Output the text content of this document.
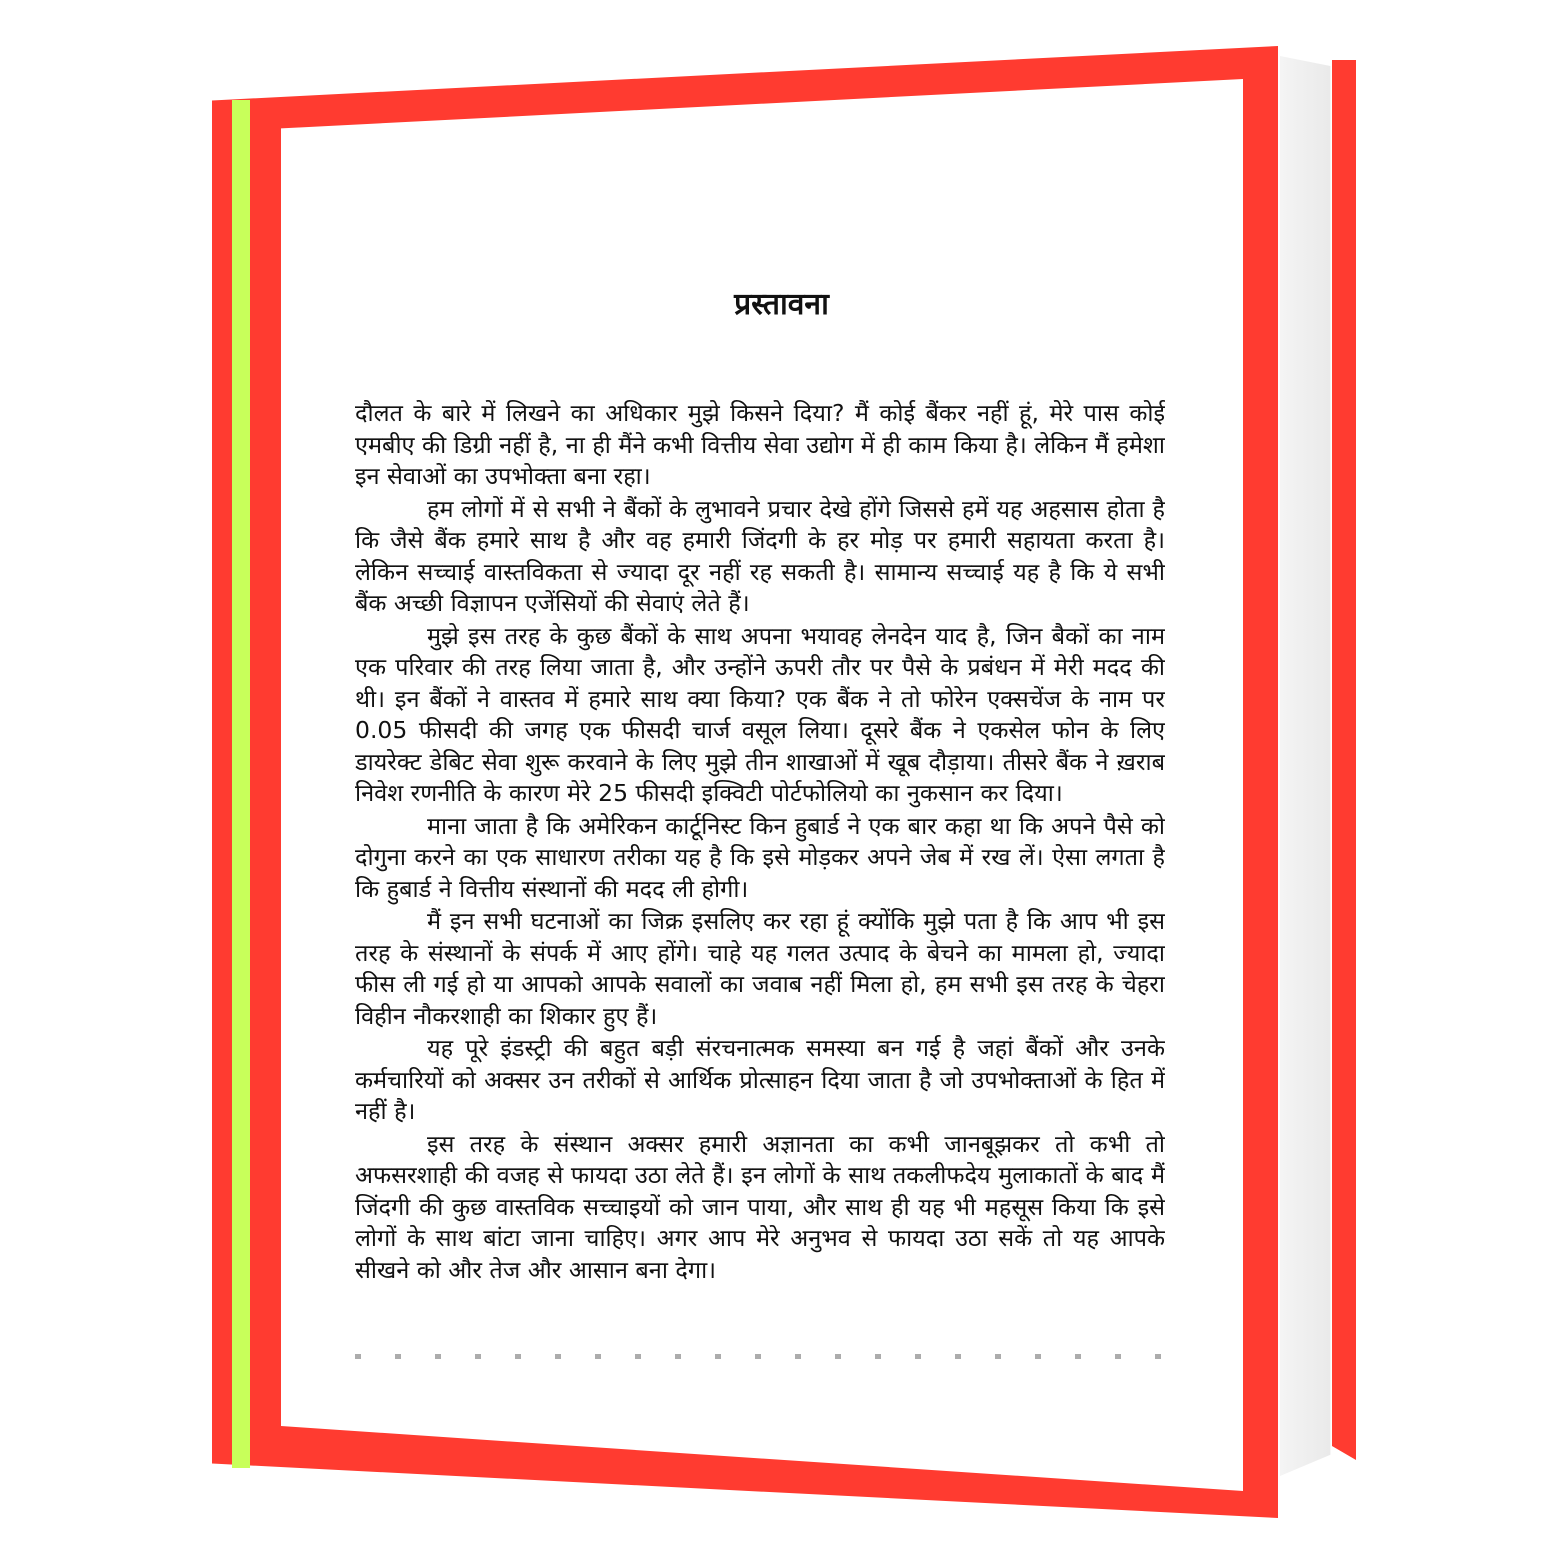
प्रस्तावना

दौलत के बारे में लिखने का अधिकार मुझे किसने दिया? मैं कोई बैंकर नहीं हूं, मेरे पास कोई एमबीए की डिग्री नहीं है, ना ही मैंने कभी वित्तीय सेवा उद्योग में ही काम किया है। लेकिन मैं हमेशा इन सेवाओं का उपभोक्ता बना रहा।

हम लोगों में से सभी ने बैंकों के लुभावने प्रचार देखे होंगे जिससे हमें यह अहसास होता है कि जैसे बैंक हमारे साथ है और वह हमारी जिंदगी के हर मोड़ पर हमारी सहायता करता है। लेकिन सच्चाई वास्तविकता से ज्यादा दूर नहीं रह सकती है। सामान्य सच्चाई यह है कि ये सभी बैंक अच्छी विज्ञापन एजेंसियों की सेवाएं लेते हैं।

मुझे इस तरह के कुछ बैंकों के साथ अपना भयावह लेनदेन याद है, जिन बैकों का नाम एक परिवार की तरह लिया जाता है, और उन्होंने ऊपरी तौर पर पैसे के प्रबंधन में मेरी मदद की थी। इन बैंकों ने वास्तव में हमारे साथ क्या किया? एक बैंक ने तो फोरेन एक्सचेंज के नाम पर 0.05 फीसदी की जगह एक फीसदी चार्ज वसूल लिया। दूसरे बैंक ने एकसेल फोन के लिए डायरेक्ट डेबिट सेवा शुरू करवाने के लिए मुझे तीन शाखाओं में खूब दौड़ाया। तीसरे बैंक ने ख़राब निवेश रणनीति के कारण मेरे 25 फीसदी इक्विटी पोर्टफोलियो का नुकसान कर दिया।

माना जाता है कि अमेरिकन कार्टूनिस्ट किन हुबार्ड ने एक बार कहा था कि अपने पैसे को दोगुना करने का एक साधारण तरीका यह है कि इसे मोड़कर अपने जेब में रख लें। ऐसा लगता है कि हुबार्ड ने वित्तीय संस्थानों की मदद ली होगी।

मैं इन सभी घटनाओं का जिक्र इसलिए कर रहा हूं क्योंकि मुझे पता है कि आप भी इस तरह के संस्थानों के संपर्क में आए होंगे। चाहे यह गलत उत्पाद के बेचने का मामला हो, ज्यादा फीस ली गई हो या आपको आपके सवालों का जवाब नहीं मिला हो, हम सभी इस तरह के चेहरा विहीन नौकरशाही का शिकार हुए हैं।

यह पूरे इंडस्ट्री की बहुत बड़ी संरचनात्मक समस्या बन गई है जहां बैंकों और उनके कर्मचारियों को अक्सर उन तरीकों से आर्थिक प्रोत्साहन दिया जाता है जो उपभोक्ताओं के हित में नहीं है।

इस तरह के संस्थान अक्सर हमारी अज्ञानता का कभी जानबूझकर तो कभी तो अफसरशाही की वजह से फायदा उठा लेते हैं। इन लोगों के साथ तकलीफदेय मुलाकातों के बाद मैं जिंदगी की कुछ वास्तविक सच्चाइयों को जान पाया, और साथ ही यह भी महसूस किया कि इसे लोगों के साथ बांटा जाना चाहिए। अगर आप मेरे अनुभव से फायदा उठा सकें तो यह आपके सीखने को और तेज और आसान बना देगा।
